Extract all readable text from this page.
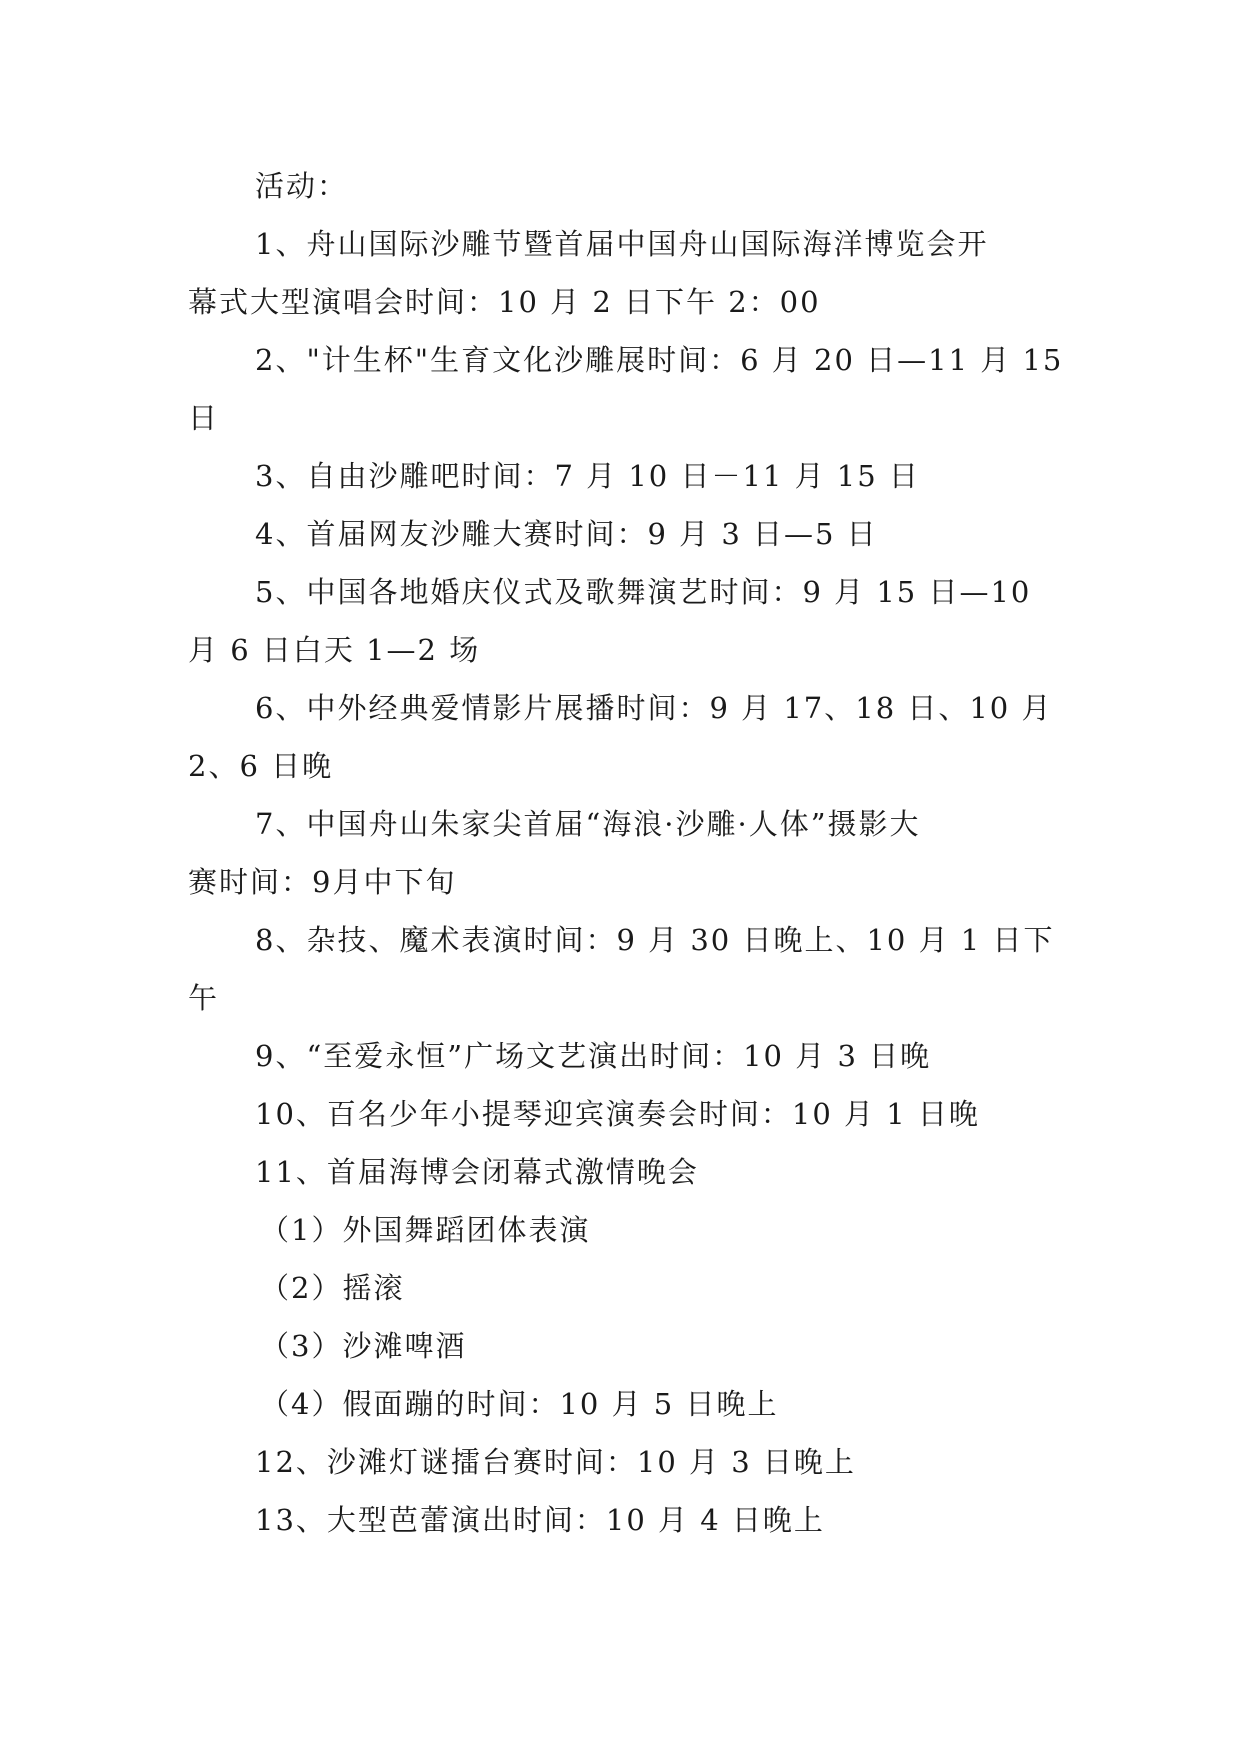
活动：
1、舟山国际沙雕节暨首届中国舟山国际海洋博览会开
幕式大型演唱会时间：10 月 2 日下午 2：00
2、"计生杯"生育文化沙雕展时间：6 月 20 日—11 月 15
日
3、自由沙雕吧时间：7 月 10 日－11 月 15 日
4、首届网友沙雕大赛时间：9 月 3 日—5 日
5、中国各地婚庆仪式及歌舞演艺时间：9 月 15 日—10
月 6 日白天 1—2 场
6、中外经典爱情影片展播时间：9 月 17、18 日、10 月
2、6 日晚
7、中国舟山朱家尖首届“海浪·沙雕·人体”摄影大
赛时间：9月中下旬
8、杂技、魔术表演时间：9 月 30 日晚上、10 月 1 日下
午
9、“至爱永恒”广场文艺演出时间：10 月 3 日晚
10、百名少年小提琴迎宾演奏会时间：10 月 1 日晚
11、首届海博会闭幕式激情晚会
（1）外国舞蹈团体表演
（2）摇滚
（3）沙滩啤酒
（4）假面蹦的时间：10 月 5 日晚上
12、沙滩灯谜擂台赛时间：10 月 3 日晚上
13、大型芭蕾演出时间：10 月 4 日晚上
